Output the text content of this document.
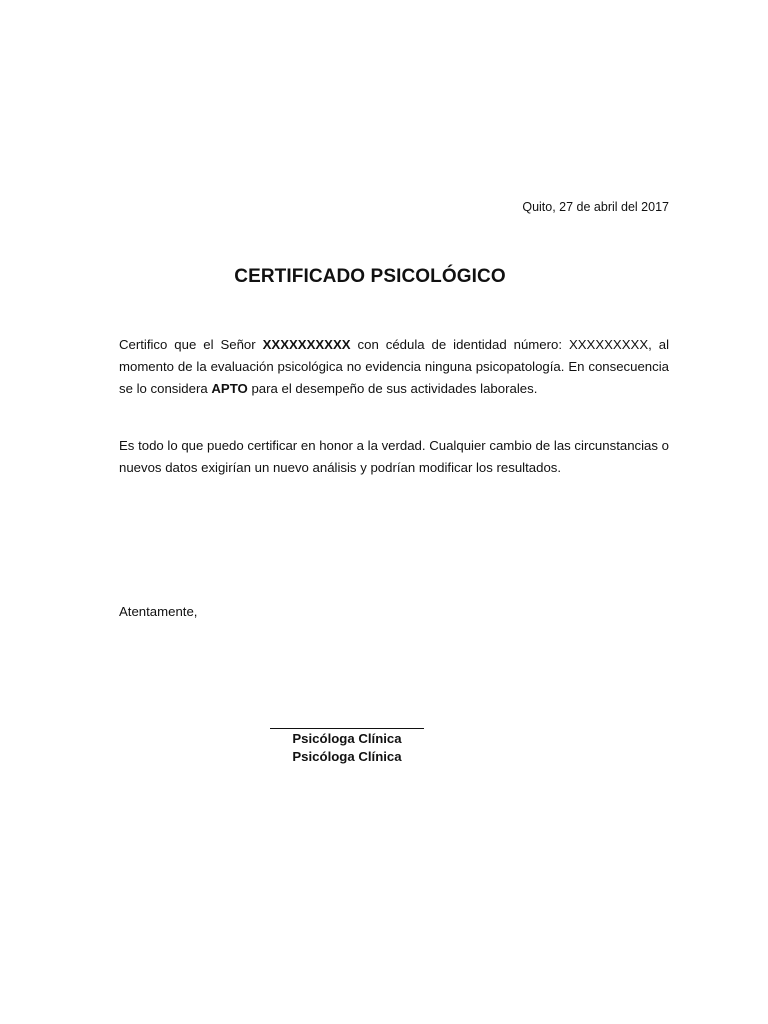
Quito, 27 de abril del 2017
CERTIFICADO PSICOLÓGICO
Certifico que el Señor XXXXXXXXXX con cédula de identidad número: XXXXXXXXX, al momento de la evaluación psicológica no evidencia ninguna psicopatología. En consecuencia se lo considera APTO para el desempeño de sus actividades laborales.
Es todo lo que puedo certificar en honor a la verdad. Cualquier cambio de las circunstancias o nuevos datos exigirían un nuevo análisis y podrían modificar los resultados.
Atentamente,
Psicóloga Clínica
Psicóloga Clínica
